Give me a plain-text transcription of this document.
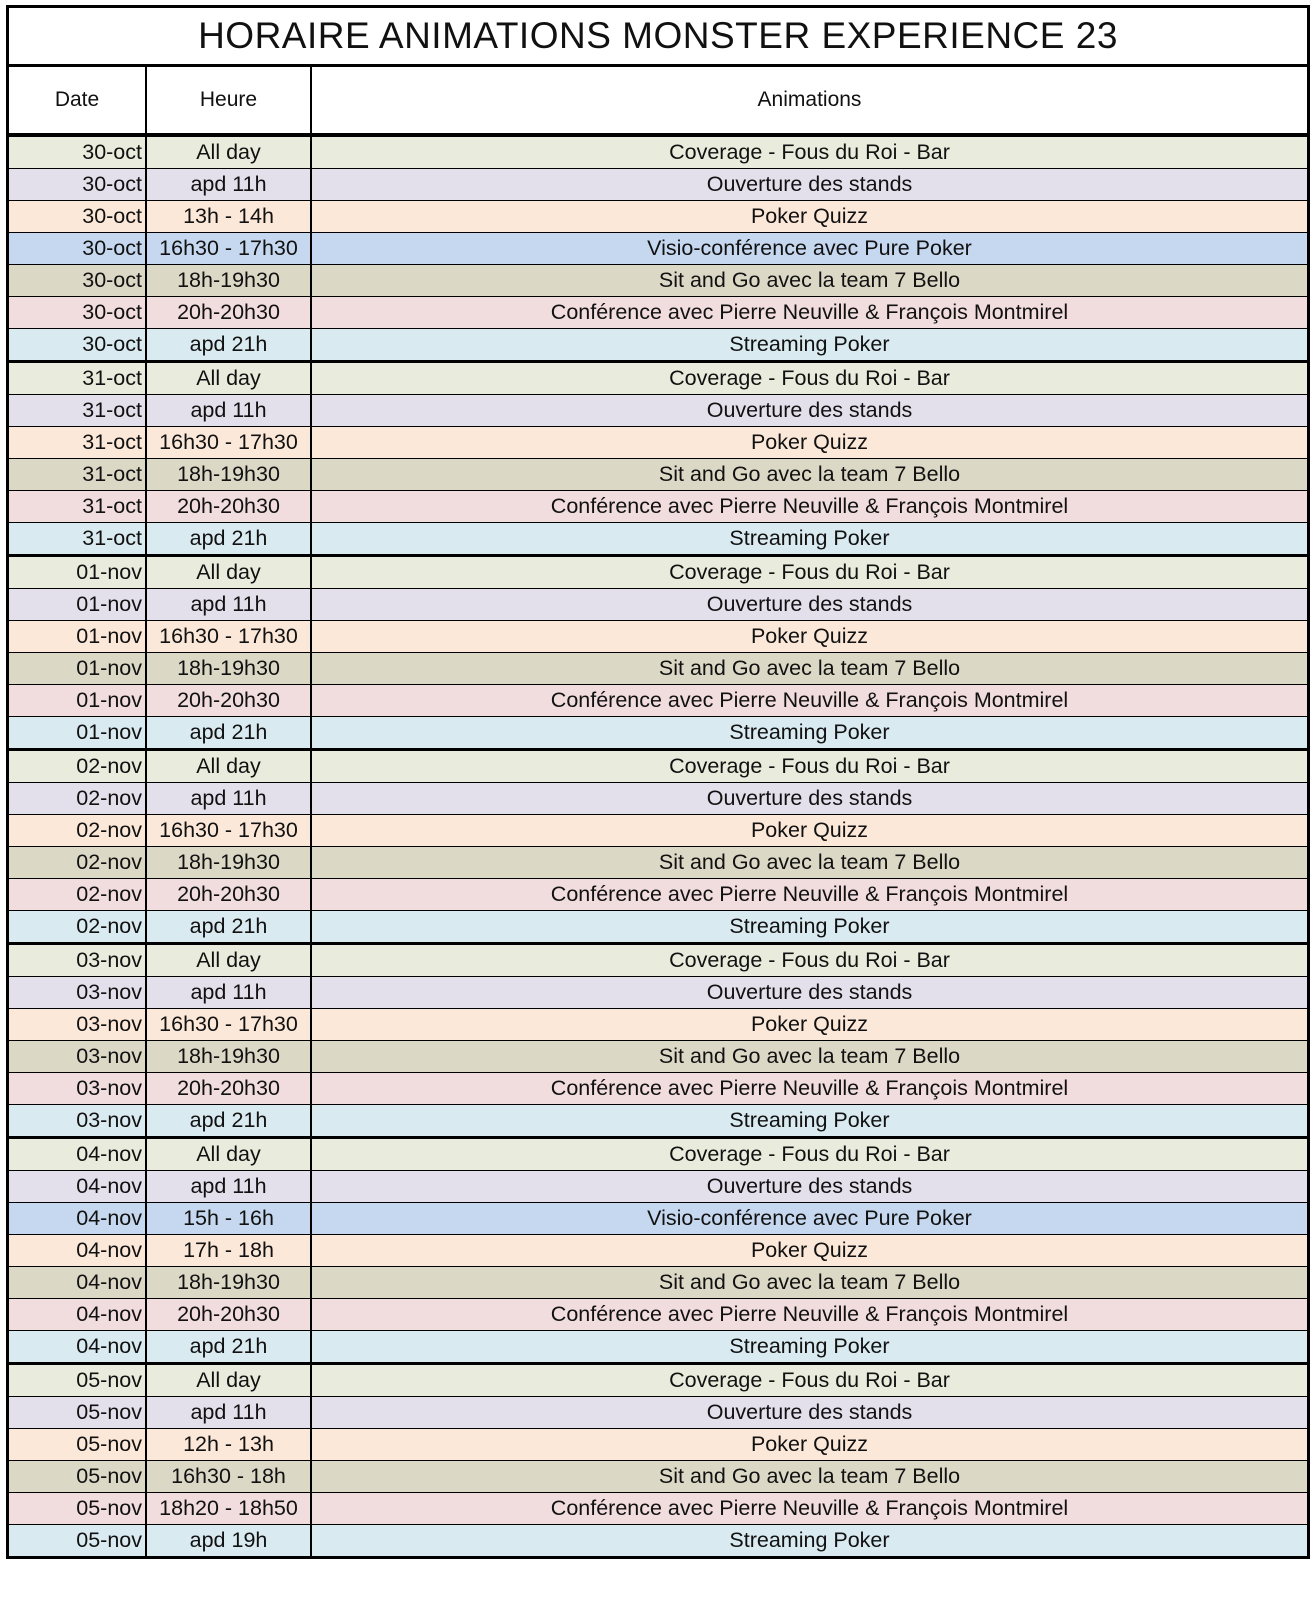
HORAIRE ANIMATIONS MONSTER EXPERIENCE 23
Date	Heure	Animations
30-oct	All day	Coverage - Fous du Roi - Bar
30-oct	apd 11h	Ouverture des stands
30-oct	13h - 14h	Poker Quizz
30-oct	16h30 - 17h30	Visio-conférence avec Pure Poker
30-oct	18h-19h30	Sit and Go avec la team 7 Bello
30-oct	20h-20h30	Conférence avec Pierre Neuville & François Montmirel
30-oct	apd 21h	Streaming Poker
31-oct	All day	Coverage - Fous du Roi - Bar
31-oct	apd 11h	Ouverture des stands
31-oct	16h30 - 17h30	Poker Quizz
31-oct	18h-19h30	Sit and Go avec la team 7 Bello
31-oct	20h-20h30	Conférence avec Pierre Neuville & François Montmirel
31-oct	apd 21h	Streaming Poker
01-nov	All day	Coverage - Fous du Roi - Bar
01-nov	apd 11h	Ouverture des stands
01-nov	16h30 - 17h30	Poker Quizz
01-nov	18h-19h30	Sit and Go avec la team 7 Bello
01-nov	20h-20h30	Conférence avec Pierre Neuville & François Montmirel
01-nov	apd 21h	Streaming Poker
02-nov	All day	Coverage - Fous du Roi - Bar
02-nov	apd 11h	Ouverture des stands
02-nov	16h30 - 17h30	Poker Quizz
02-nov	18h-19h30	Sit and Go avec la team 7 Bello
02-nov	20h-20h30	Conférence avec Pierre Neuville & François Montmirel
02-nov	apd 21h	Streaming Poker
03-nov	All day	Coverage - Fous du Roi - Bar
03-nov	apd 11h	Ouverture des stands
03-nov	16h30 - 17h30	Poker Quizz
03-nov	18h-19h30	Sit and Go avec la team 7 Bello
03-nov	20h-20h30	Conférence avec Pierre Neuville & François Montmirel
03-nov	apd 21h	Streaming Poker
04-nov	All day	Coverage - Fous du Roi - Bar
04-nov	apd 11h	Ouverture des stands
04-nov	15h - 16h	Visio-conférence avec Pure Poker
04-nov	17h - 18h	Poker Quizz
04-nov	18h-19h30	Sit and Go avec la team 7 Bello
04-nov	20h-20h30	Conférence avec Pierre Neuville & François Montmirel
04-nov	apd 21h	Streaming Poker
05-nov	All day	Coverage - Fous du Roi - Bar
05-nov	apd 11h	Ouverture des stands
05-nov	12h - 13h	Poker Quizz
05-nov	16h30 - 18h	Sit and Go avec la team 7 Bello
05-nov	18h20 - 18h50	Conférence avec Pierre Neuville & François Montmirel
05-nov	apd 19h	Streaming Poker
